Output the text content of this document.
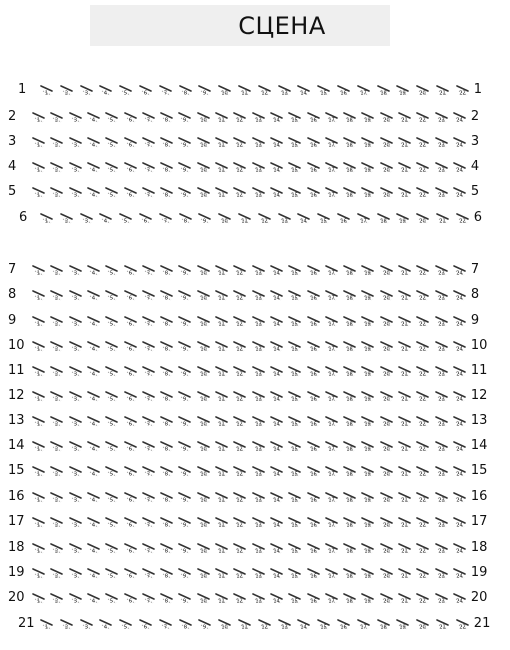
СЦЕНА
1	1	2	3	4	5	6	7	8	9	10	11	12	13	14	15	16	17	18	19	20	21	22 1
2	1	2	3	4	5	6	7	8	9	10 11 12 13 14 15 16 17 18 19 20 21 22 23 24 2
3	1	2	3	4	5	6	7	8	9	10 11 12 13 14 15 16 17 18 19 20 21 22 23 24 3
4	1	2	3	4	5	6	7	8	9	10 11 12 13 14 15 16 17 18 19 20 21 22 23 24 4
5	1	2	3	4	5	6	7	8	9	10 11 12 13 14 15 16 17 18 19 20 21 22 23 24 5
6	1	2	3	4	5	6	7	8	9	10	11	12	13	14	15	16	17	18	19	20	21	22 6
7	1	2	3	4	5	6	7	8	9	10 11 12 13 14 15 16 17 18 19 20 21 22 23 24 7
8	1	2	3	4	5	6	7	8	9	10 11 12 13 14 15 16 17 18 19 20 21 22 23 24 8
9	1	2	3	4	5	6	7	8	9	10 11 12 13 14 15 16 17 18 19 20 21 22 23 24 9
10 1	2	3	4	5	6	7	8	9	10 11 12 13 14 15 16 17 18 19 20 21 22 23 24 10
11 1	2	3	4	5	6	7	8	9	10 11 12 13 14 15 16 17 18 19 20 21 22 23 24 11
12 1	2	3	4	5	6	7	8	9	10 11 12 13 14 15 16 17 18 19 20 21 22 23 24 12
13 1	2	3	4	5	6	7	8	9	10 11 12 13 14 15 16 17 18 19 20 21 22 23 24 13
14 1	2	3	4	5	6	7	8	9	10 11 12 13 14 15 16 17 18 19 20 21 22 23 24 14
15 1	2	3	4	5	6	7	8	9	10 11 12 13 14 15 16 17 18 19 20 21 22 23 24 15
16 1	2	3	4	5	6	7	8	9	10 11 12 13 14 15 16 17 18 19 20 21 22 23 24 16
17 1	2	3	4	5	6	7	8	9	10 11 12 13 14 15 16 17 18 19 20 21 22 23 24 17
18 1	2	3	4	5	6	7	8	9	10 11 12 13 14 15 16 17 18 19 20 21 22 23 24 18
19 1	2	3	4	5	6	7	8	9	10 11 12 13 14 15 16 17 18 19 20 21 22 23 24 19
20 1	2	3	4	5	6	7	8	9	10 11 12 13 14 15 16 17 18 19 20 21 22 23 24 20
21 1	2	3	4	5	6	7	8	9	10	11	12	13	14	15	16	17	18	19	20	21	22 21
